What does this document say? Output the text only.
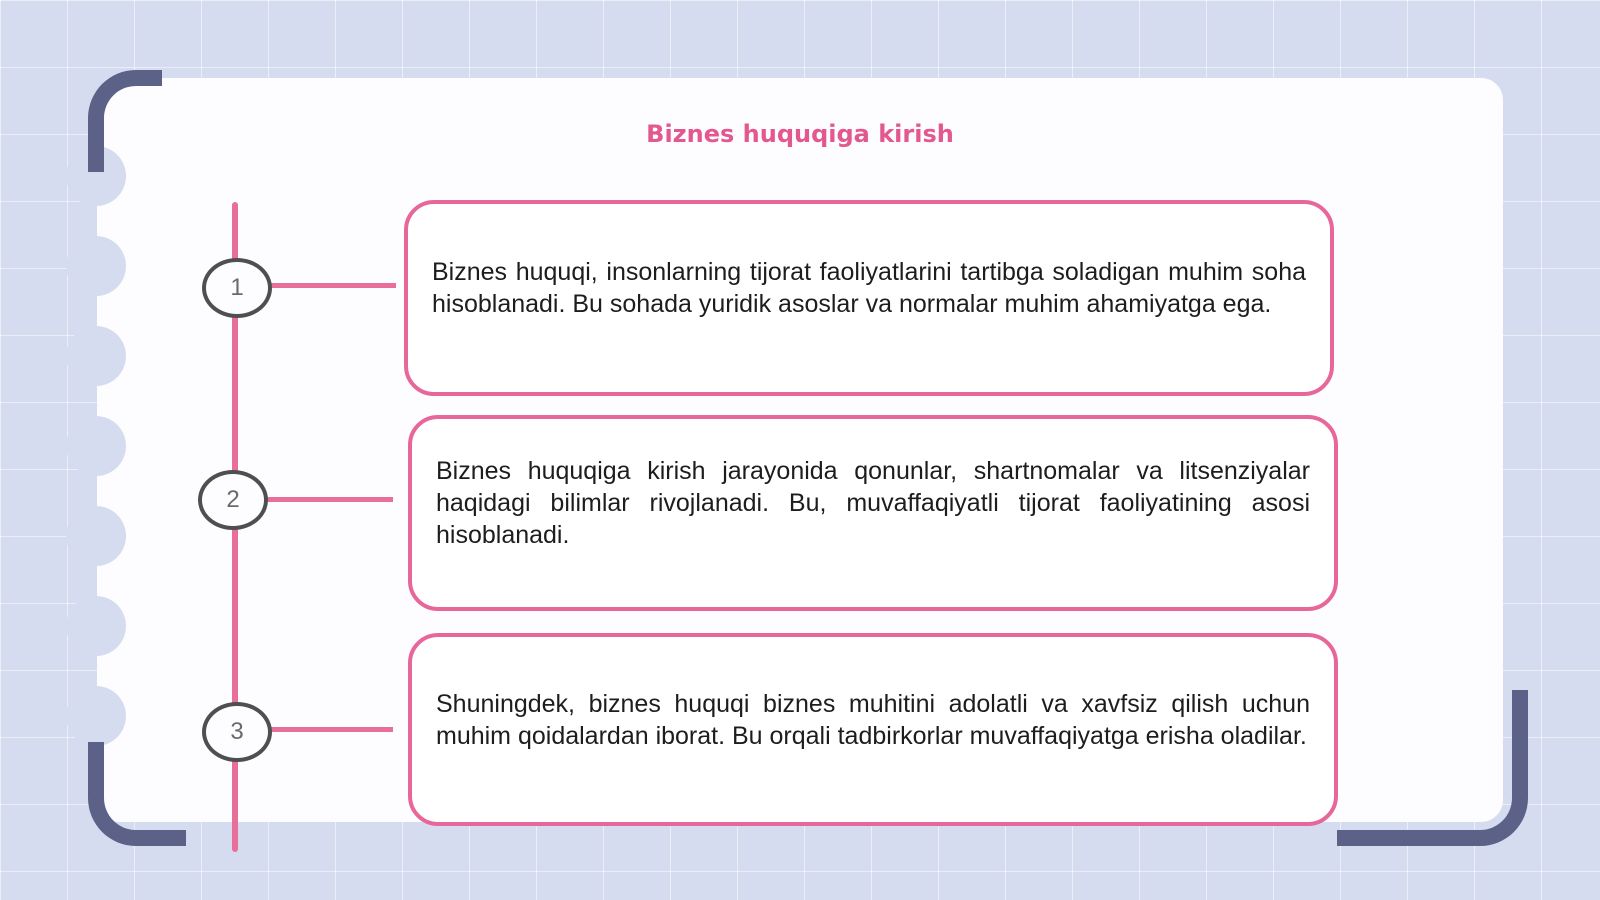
Biznes huquqiga kirish
1

Biznes huquqi, insonlarning tijorat faoliyatlarini tartibga soladigan muhim soha hisoblanadi. Bu sohada yuridik asoslar va normalar muhim ahamiyatga ega.

2

Biznes huquqiga kirish jarayonida qonunlar, shartnomalar va litsenziyalar haqidagi bilimlar rivojlanadi. Bu, muvaffaqiyatli tijorat faoliyatining asosi hisoblanadi.

3

Shuningdek, biznes huquqi biznes muhitini adolatli va xavfsiz qilish uchun muhim qoidalardan iborat. Bu orqali tadbirkorlar muvaffaqiyatga erisha oladilar.
